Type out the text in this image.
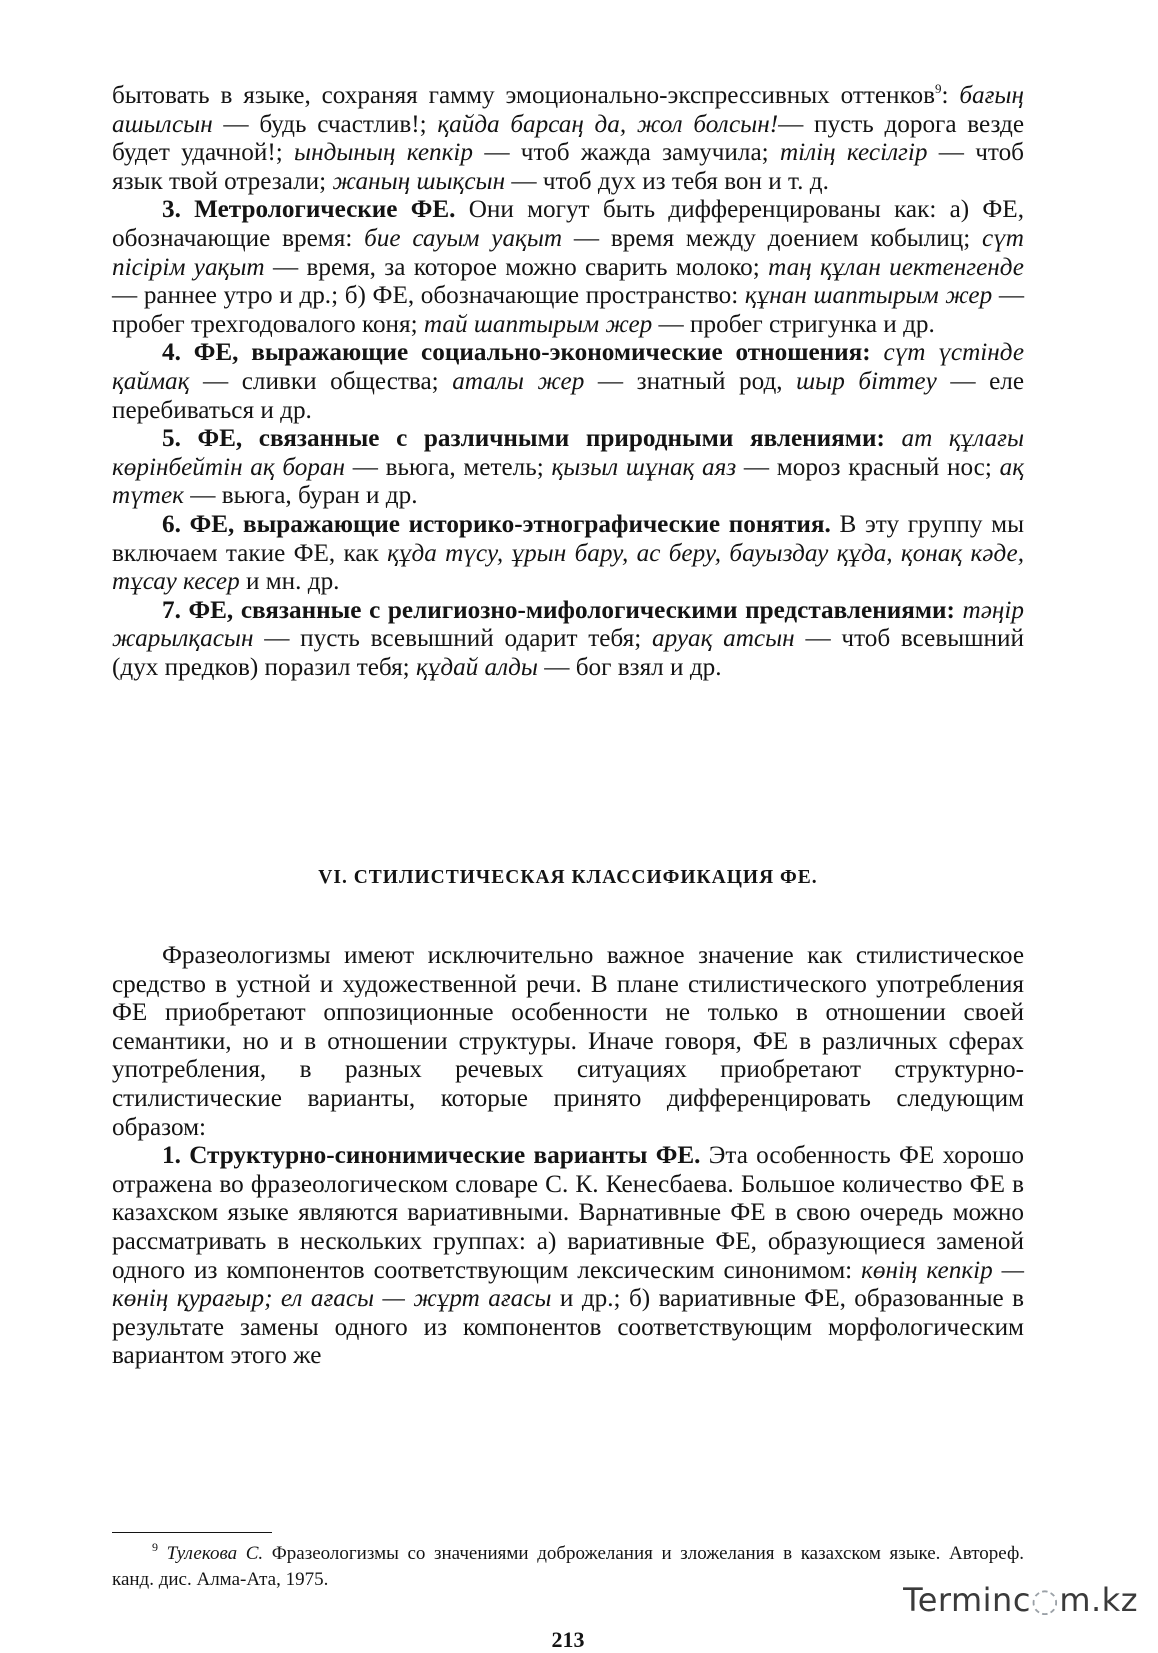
бытовать в языке, сохраняя гамму эмоционально-экспрессивных оттенков$^9$: бағың ашылсын — будь счастлив!; қайда барсаң да, жол болсын!— пусть дорога везде будет удачной!; ындының кепкір — чтоб жажда замучила; тілің кесілгір — чтоб язык твой отрезали; жаның шықсын — чтоб дух из тебя вон и т. д.

3. Метрологические ФЕ. Они могут быть дифференцированы как: а) ФЕ, обозначающие время: бие сауым уақыт — время между доением кобылиц; сүт пісірім уақыт — время, за которое можно сварить молоко; таң құлан иектенгенде — раннее утро и др.; б) ФЕ, обозначающие пространство: құнан шаптырым жер — пробег трехгодовалого коня; тай шаптырым жер — пробег стригунка и др.

4. ФЕ, выражающие социально-экономические отношения: сүт үстінде қаймақ — сливки общества; аталы жер — знатный род, шыр біттеу — еле перебиваться и др.

5. ФЕ, связанные с различными природными явлениями: ат құлағы көрінбейтін ақ боран — вьюга, метель; қызыл шұнақ аяз — мороз красный нос; ақ түтек — вьюга, буран и др.

6. ФЕ, выражающие историко-этнографические понятия. В эту группу мы включаем такие ФЕ, как құда түсу, ұрын бару, ас беру, бауыздау құда, қонақ кәде, тұсау кесер и мн. др.

7. ФЕ, связанные с религиозно-мифологическими представлениями: тәңір жарылқасын — пусть всевышний одарит тебя; аруақ атсын — чтоб всевышний (дух предков) поразил тебя; құдай алды — бог взял и др.

VI. СТИЛИСТИЧЕСКАЯ КЛАССИФИКАЦИЯ ФЕ.

Фразеологизмы имеют исключительно важное значение как стилистическое средство в устной и художественной речи. В плане стилистического употребления ФЕ приобретают оппозиционные особенности не только в отношении своей семантики, но и в отношении структуры. Иначе говоря, ФЕ в различных сферах употребления, в разных речевых ситуациях приобретают структурно-стилистические варианты, которые принято дифференцировать следующим образом:

1. Структурно-синонимические варианты ФЕ. Эта особенность ФЕ хорошо отражена во фразеологическом словаре С. К. Кенесбаева. Большое количество ФЕ в казахском языке являются вариативными. Варнативные ФЕ в свою очередь можно рассматривать в нескольких группах: а) вариативные ФЕ, образующиеся заменой одного из компонентов соответствующим лексическим синонимом: көнің кепкір — көнің қурағыр; ел ағасы — жұрт ағасы и др.; б) вариативные ФЕ, образованные в результате замены одного из компонентов соответствующим морфологическим вариантом этого же

$^9$ Тулекова С. Фразеологизмы со значениями доброжелания и зложелания в казахском языке. Автореф. канд. дис. Алма-Ата, 1975.

213

Terminc◌m.kz
